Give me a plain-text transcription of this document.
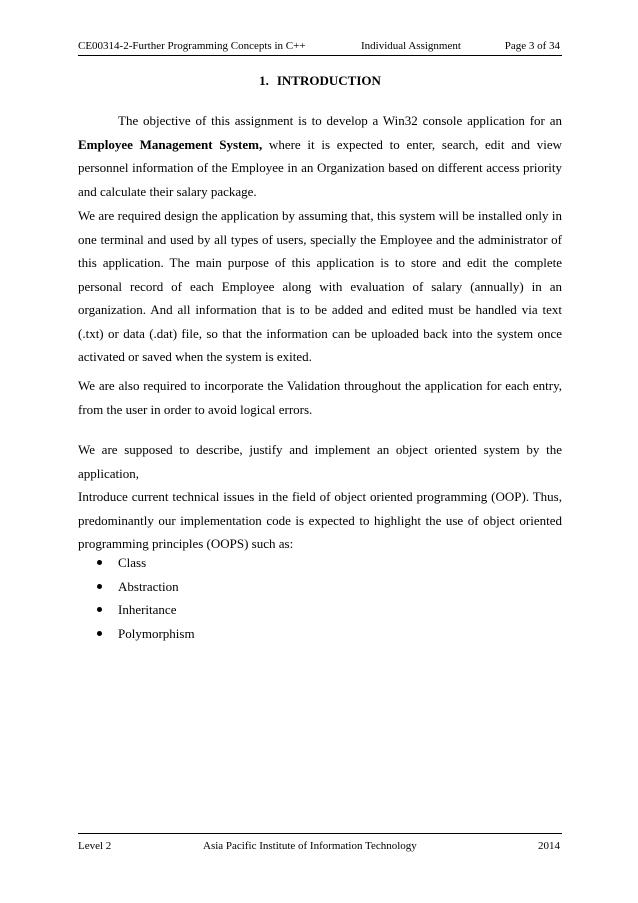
CE00314-2-Further Programming Concepts in C++	Individual Assignment	Page 3 of 34
1. INTRODUCTION
The objective of this assignment is to develop a Win32 console application for an Employee Management System, where it is expected to enter, search, edit and view personnel information of the Employee in an Organization based on different access priority and calculate their salary package.
We are required design the application by assuming that, this system will be installed only in one terminal and used by all types of users, specially the Employee and the administrator of this application. The main purpose of this application is to store and edit the complete personal record of each Employee along with evaluation of salary (annually) in an organization. And all information that is to be added and edited must be handled via text (.txt) or data (.dat) file, so that the information can be uploaded back into the system once activated or saved when the system is exited.
We are also required to incorporate the Validation throughout the application for each entry, from the user in order to avoid logical errors.
We are supposed to describe, justify and implement an object oriented system by the application,
Introduce current technical issues in the field of object oriented programming (OOP). Thus, predominantly our implementation code is expected to highlight the use of object oriented programming principles (OOPS) such as:
Class
Abstraction
Inheritance
Polymorphism
Level 2	Asia Pacific Institute of Information Technology	2014
